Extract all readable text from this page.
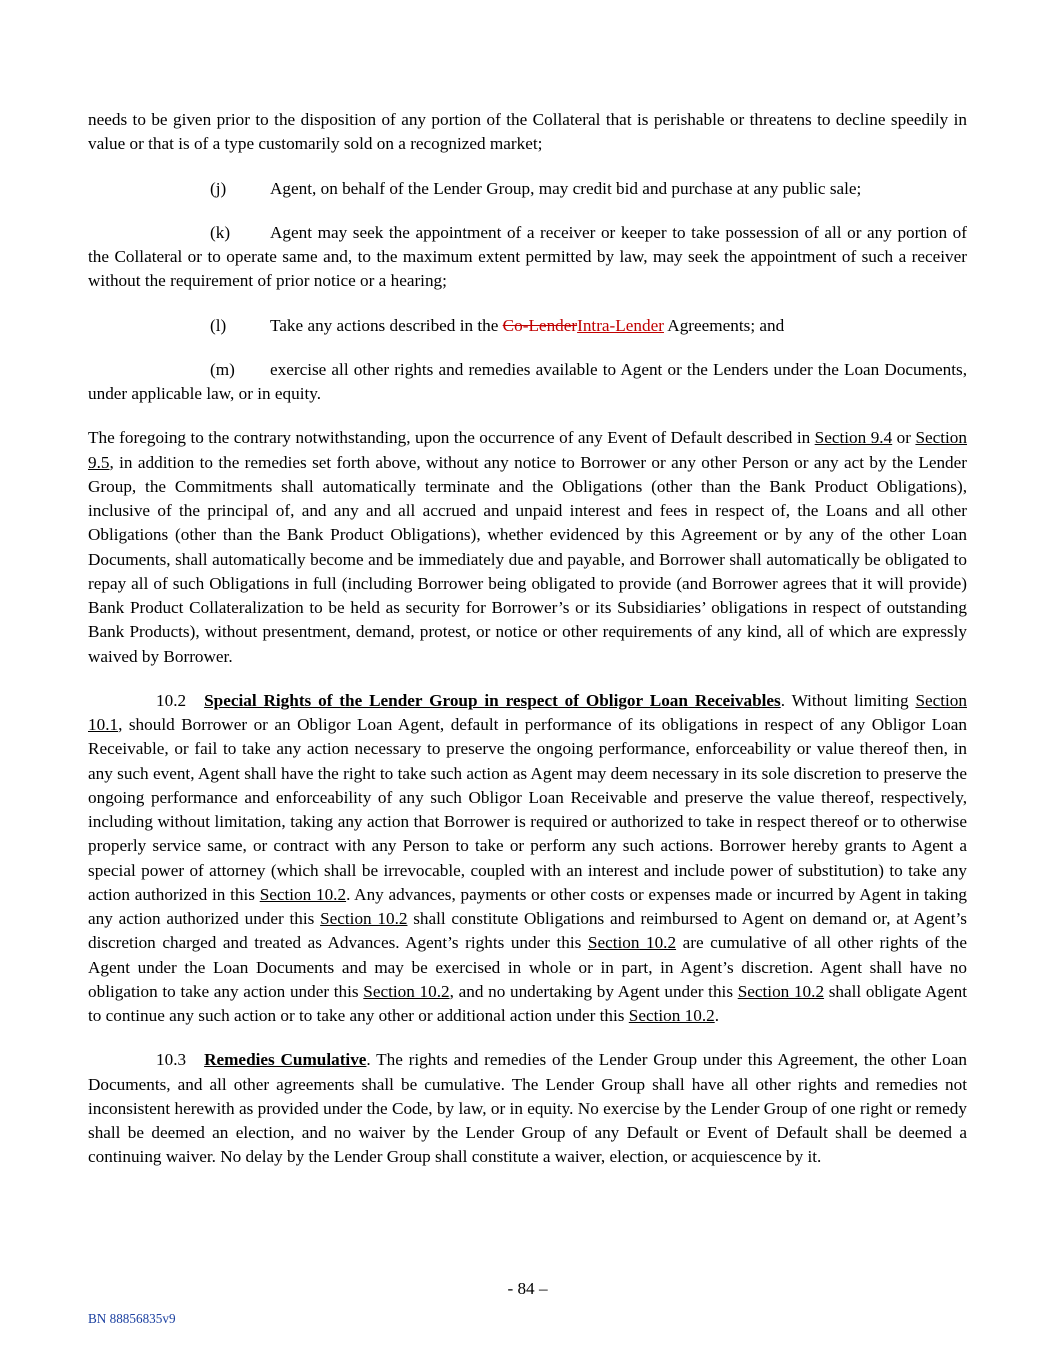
needs to be given prior to the disposition of any portion of the Collateral that is perishable or threatens to decline speedily in value or that is of a type customarily sold on a recognized market;

(j)	Agent, on behalf of the Lender Group, may credit bid and purchase at any public sale;

(k) Agent may seek the appointment of a receiver or keeper to take possession of all or any portion of the Collateral or to operate same and, to the maximum extent permitted by law, may seek the appointment of such a receiver without the requirement of prior notice or a hearing;

(l)	Take any actions described in the Co-LenderIntra-Lender Agreements; and

(m) exercise all other rights and remedies available to Agent or the Lenders under the Loan Documents, under applicable law, or in equity.

The foregoing to the contrary notwithstanding, upon the occurrence of any Event of Default described in Section 9.4 or Section 9.5, in addition to the remedies set forth above, without any notice to Borrower or any other Person or any act by the Lender Group, the Commitments shall automatically terminate and the Obligations (other than the Bank Product Obligations), inclusive of the principal of, and any and all accrued and unpaid interest and fees in respect of, the Loans and all other Obligations (other than the Bank Product Obligations), whether evidenced by this Agreement or by any of the other Loan Documents, shall automatically become and be immediately due and payable, and Borrower shall automatically be obligated to repay all of such Obligations in full (including Borrower being obligated to provide (and Borrower agrees that it will provide) Bank Product Collateralization to be held as security for Borrower’s or its Subsidiaries’ obligations in respect of outstanding Bank Products), without presentment, demand, protest, or notice or other requirements of any kind, all of which are expressly waived by Borrower.

10.2 Special Rights of the Lender Group in respect of Obligor Loan Receivables. Without limiting Section 10.1, should Borrower or an Obligor Loan Agent, default in performance of its obligations in respect of any Obligor Loan Receivable, or fail to take any action necessary to preserve the ongoing performance, enforceability or value thereof then, in any such event, Agent shall have the right to take such action as Agent may deem necessary in its sole discretion to preserve the ongoing performance and enforceability of any such Obligor Loan Receivable and preserve the value thereof, respectively, including without limitation, taking any action that Borrower is required or authorized to take in respect thereof or to otherwise properly service same, or contract with any Person to take or perform any such actions. Borrower hereby grants to Agent a special power of attorney (which shall be irrevocable, coupled with an interest and include power of substitution) to take any action authorized in this Section 10.2. Any advances, payments or other costs or expenses made or incurred by Agent in taking any action authorized under this Section 10.2 shall constitute Obligations and reimbursed to Agent on demand or, at Agent’s discretion charged and treated as Advances. Agent’s rights under this Section 10.2 are cumulative of all other rights of the Agent under the Loan Documents and may be exercised in whole or in part, in Agent’s discretion. Agent shall have no obligation to take any action under this Section 10.2, and no undertaking by Agent under this Section 10.2 shall obligate Agent to continue any such action or to take any other or additional action under this Section 10.2.

10.3 Remedies Cumulative. The rights and remedies of the Lender Group under this Agreement, the other Loan Documents, and all other agreements shall be cumulative. The Lender Group shall have all other rights and remedies not inconsistent herewith as provided under the Code, by law, or in equity. No exercise by the Lender Group of one right or remedy shall be deemed an election, and no waiver by the Lender Group of any Default or Event of Default shall be deemed a continuing waiver. No delay by the Lender Group shall constitute a waiver, election, or acquiescence by it.

- 84 –
BN 88856835v9
